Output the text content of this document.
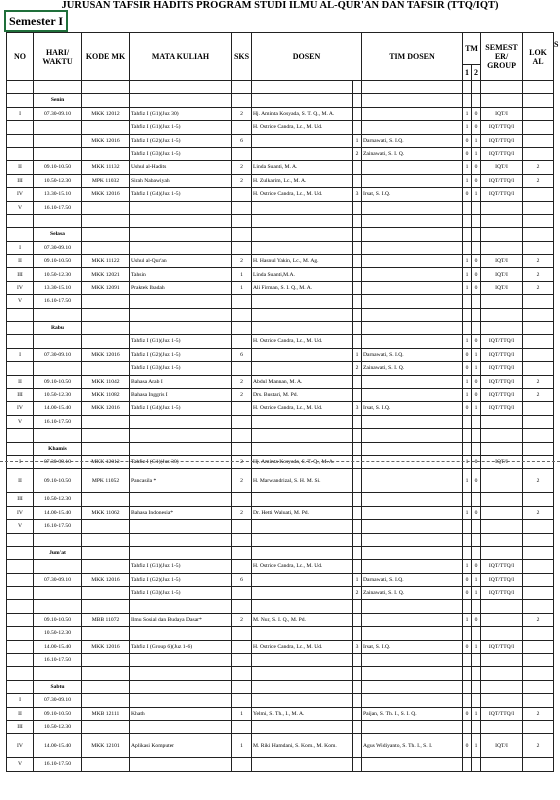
JURUSAN TAFSIR HADITS PROGRAM STUDI ILMU AL-QUR'AN DAN TAFSIR (TTQ/IQT)
Semester I
S
NO	HARI/ WAKTU	KODE MK	MATA KULIAH	SKS	DOSEN		TIM DOSEN	TM		SEMEST ER/ GROUP	LOK AL
								1	2		

	Senin										
I	07.30-09.10	MKK 12012	Tahfiz I (G1)(Juz 30)	2	Hj. Aminta Kosyada, S. T. Q., M. A.			1	0	IQT/I	
			Tahfiz I (G1)(Juz 1-5)		H. Ostrice Candra, Lc., M. Ud.			1	0	IQT/TTQ/I	
		MKK 12016	Tahfiz I (G2)(Juz 1-5)	6		1	Darnawati, S. I.Q.	0	1	IQT/TTQ/I	
			Tahfiz I (G3)(Juz 1-5)			2	Zainawati, S. I. Q.	0	1	IQT/TTQ/I	
II	09.10-10.50	MKK 11132	Ushul al-Hadits	2	Linda Suanti, M. A.			1	0	IQT/I	2
III	10.50-12.30	MPK 11032	Sirah Nabawiyah	2	H. Zulkarim, Lc., M. A.			1	0	IQT/TTQ/I	2
IV	13.30-15.10	MKK 12016	Tahfiz I (G4)(Juz 1-5)		H. Ostrice Candra, Lc., M. Ud.	3	Irsat, S. I.Q.	0	1	IQT/TTQ/I	
V	16.10-17.50										

	Selasa										
I	07.30-09.10										
II	09.10-10.50	MKK 11122	Ushul al-Qur'an	2	H. Hasnul Yakin, Lc., M. Ag.			1	0	IQT/I	2
III	10.50-12.30	MKK 12021	Tahsin	1	Linda Suanti,M.A.			1	0	IQT/I	2
IV	13.30-15.10	MKK 12091	Praktek Ibadah	1	Ali Firman, S. I. Q., M. A.			1	0	IQT/I	2
V	16.10-17.50										

	Rabu										
			Tahfiz I (G1)(Juz 1-5)		H. Ostrice Candra, Lc., M. Ud.			1	0	IQT/TTQ/I	
I	07.30-09.10	MKK 12016	Tahfiz I (G2)(Juz 1-5)	6		1	Darnawati, S. I.Q.	0	1	IQT/TTQ/I	
			Tahfiz I (G3)(Juz 1-5)			2	Zainawati, S. I. Q.	0	1	IQT/TTQ/I	
II	09.10-10.50	MKK 11042	Bahasa Arab I	2	Abdul Mannan, M. A.			1	0	IQT/TTQ/I	2
III	10.50-12.30	MKK 11082	Bahasa Inggris I	2	Drs. Bustari, M. Pd.			1	0	IQT/TTQ/I	2
IV	14.00-15.40	MKK 12016	Tahfiz I (G4)(Juz 1-5)		H. Ostrice Candra, Lc., M. Ud.	3	Irsat, S. I.Q.	0	1	IQT/TTQ/I	
V	16.10-17.50										

	Khamis										
I	07.30-09.10	MKK 12012	Tahfiz I (G1)(Juz 30)	2	Hj. Aminta Kosyada, S. T. Q., M. A.			1	0	IQT/I	
II	09.10-10.50	MPK 11052	Pancasila *	2	H. Marwandrizal, S. H. M. Si.			1	0		2
III	10.50-12.30										
IV	14.00-15.40	MKK 11062	Bahasa Indonesia*	2	Dr. Hetti Waluati, M. Pd.			1	0		2
V	16.10-17.50										

	Jum'at										
			Tahfiz I (G1)(Juz 1-5)		H. Ostrice Candra, Lc., M. Ud.			1	0	IQT/TTQ/I	
	07.30-09.10	MKK 12016	Tahfiz I (G2)(Juz 1-5)	6		1	Darnawati, S. I.Q.	0	1	IQT/TTQ/I	
			Tahfiz I (G3)(Juz 1-5)			2	Zainawati, S. I. Q.	0	1	IQT/TTQ/I	

	09.10-10.50	MBB 11072	Ilmu Sosial dan Budaya Dasar*	2	M. Nur, S. I. Q., M. Pd.			1	0		2
	10.50-12.30										
	14.00-15.40	MKK 12016	Tahfiz I (Group 6)(Juz 1-6)		H. Ostrice Candra, Lc., M. Ud.	3	Irsat, S. I.Q.	0	1	IQT/TTQ/I	
	16.10-17.50										

	Sabtu										
I	07.30-09.10										
II	09.10-10.50	MKB 12111	Khath	1	Yelmi, S. Th., I., M. A.		Paijan, S. Th. I., S. I. Q.	0	1	IQT/TTQ/I	2
III	10.50-12.30										
IV	14.00-15.40	MKK 12101	Aplikasi Komputer	1	M. Riki Hamdani, S. Kom., M. Kom.		Agus Widiyanto, S. Th. I., S. I.	0	1	IQT/I	2
V	16.10-17.50										
